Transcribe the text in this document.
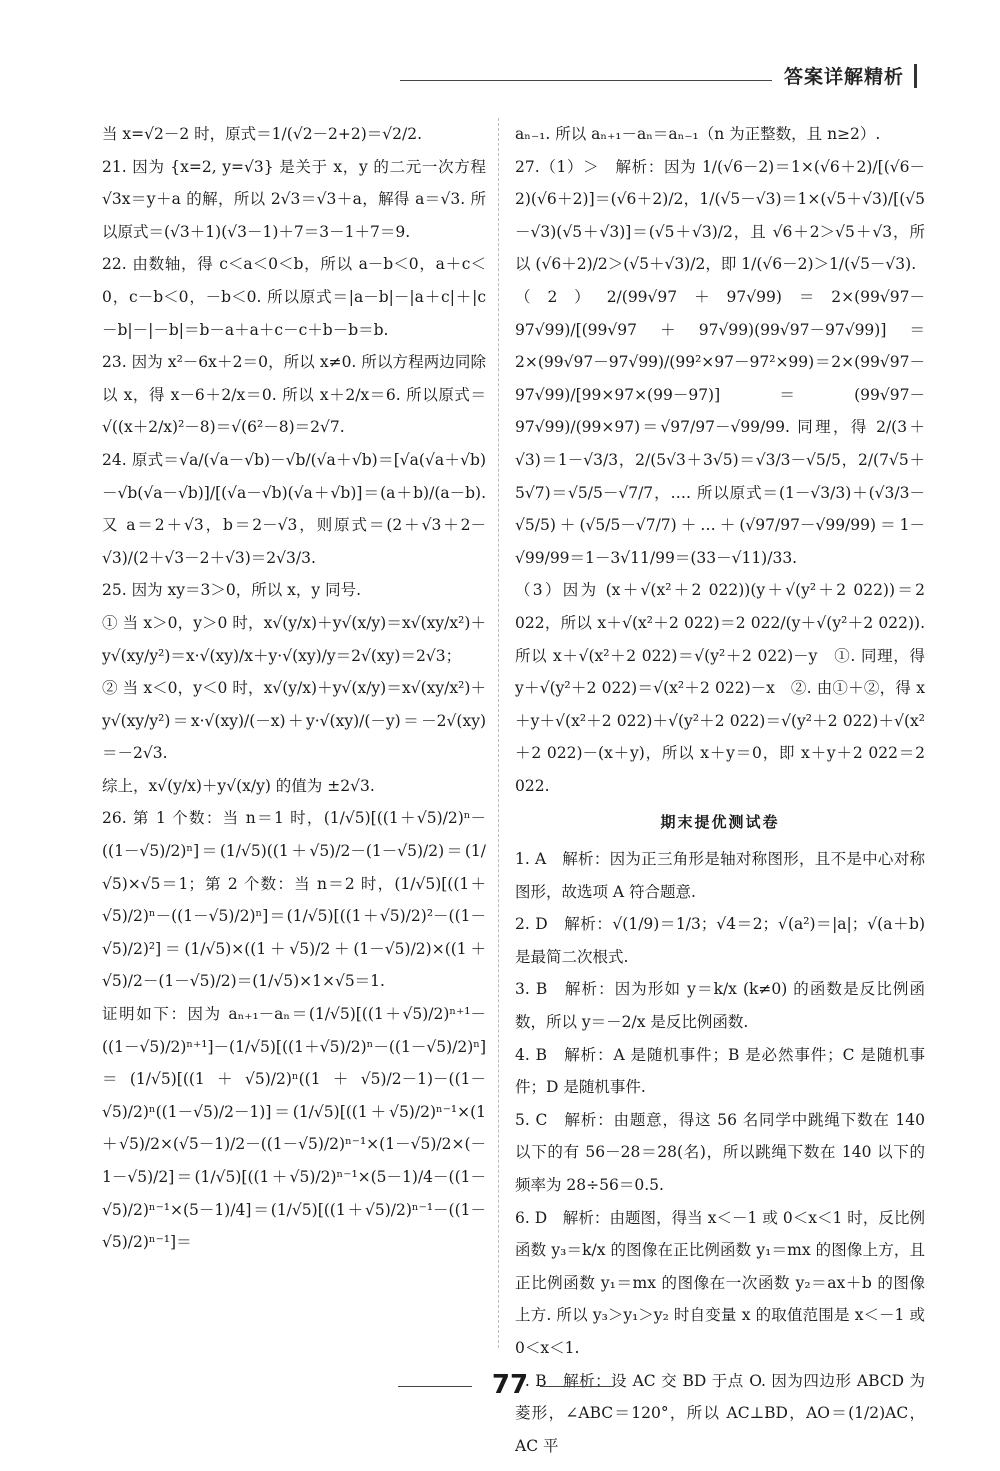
答案详解精析

当 x=√2－2 时，原式＝1/(√2－2+2)＝√2/2.

21. 因为 {x=2, y=√3} 是关于 x，y 的二元一次方程 √3x＝y＋a 的解，所以 2√3＝√3＋a，解得 a＝√3. 所以原式＝(√3＋1)(√3－1)＋7＝3－1＋7＝9.

22. 由数轴，得 c＜a＜0＜b，所以 a－b＜0，a＋c＜0，c－b＜0，－b＜0. 所以原式＝|a－b|－|a＋c|＋|c－b|－|－b|＝b－a＋a＋c－c＋b－b＝b.

23. 因为 x²－6x＋2＝0，所以 x≠0. 所以方程两边同除以 x，得 x－6＋2/x＝0. 所以 x＋2/x＝6. 所以原式＝√((x＋2/x)²－8)＝√(6²－8)＝2√7.

24. 原式＝√a/(√a－√b)－√b/(√a＋√b)＝[√a(√a＋√b)－√b(√a－√b)]/[(√a－√b)(√a＋√b)]＝(a＋b)/(a－b). 又 a＝2＋√3，b＝2－√3，则原式＝(2＋√3＋2－√3)/(2＋√3－2＋√3)＝2√3/3.

25. 因为 xy＝3＞0，所以 x，y 同号.

① 当 x＞0，y＞0 时，x√(y/x)＋y√(x/y)＝x√(xy/x²)＋y√(xy/y²)＝x·√(xy)/x＋y·√(xy)/y＝2√(xy)＝2√3；

② 当 x＜0，y＜0 时，x√(y/x)＋y√(x/y)＝x√(xy/x²)＋y√(xy/y²)＝x·√(xy)/(－x)＋y·√(xy)/(－y)＝－2√(xy)＝－2√3.

综上，x√(y/x)＋y√(x/y) 的值为 ±2√3.

26. 第 1 个数：当 n＝1 时，(1/√5)[((1＋√5)/2)ⁿ－((1－√5)/2)ⁿ]＝(1/√5)((1＋√5)/2－(1－√5)/2)＝(1/√5)×√5＝1；第 2 个数：当 n＝2 时，(1/√5)[((1＋√5)/2)ⁿ－((1－√5)/2)ⁿ]＝(1/√5)[((1＋√5)/2)²－((1－√5)/2)²]＝(1/√5)×((1＋√5)/2＋(1－√5)/2)×((1＋√5)/2－(1－√5)/2)＝(1/√5)×1×√5＝1.

证明如下：因为 aₙ₊₁－aₙ＝(1/√5)[((1＋√5)/2)ⁿ⁺¹－((1－√5)/2)ⁿ⁺¹]－(1/√5)[((1＋√5)/2)ⁿ－((1－√5)/2)ⁿ]＝(1/√5)[((1＋√5)/2)ⁿ((1＋√5)/2－1)－((1－√5)/2)ⁿ((1－√5)/2－1)]＝(1/√5)[((1＋√5)/2)ⁿ⁻¹×(1＋√5)/2×(√5－1)/2－((1－√5)/2)ⁿ⁻¹×(1－√5)/2×(－1－√5)/2]＝(1/√5)[((1＋√5)/2)ⁿ⁻¹×(5－1)/4－((1－√5)/2)ⁿ⁻¹×(5－1)/4]＝(1/√5)[((1＋√5)/2)ⁿ⁻¹－((1－√5)/2)ⁿ⁻¹]＝

aₙ₋₁. 所以 aₙ₊₁－aₙ＝aₙ₋₁（n 为正整数，且 n≥2）.

27.（1）＞　解析：因为 1/(√6－2)＝1×(√6＋2)/[(√6－2)(√6＋2)]＝(√6＋2)/2，1/(√5－√3)＝1×(√5＋√3)/[(√5－√3)(√5＋√3)]＝(√5＋√3)/2，且 √6＋2＞√5＋√3，所以 (√6＋2)/2＞(√5＋√3)/2，即 1/(√6－2)＞1/(√5－√3).

（2）2/(99√97＋97√99)＝2×(99√97－97√99)/[(99√97＋97√99)(99√97－97√99)]＝2×(99√97－97√99)/(99²×97－97²×99)＝2×(99√97－97√99)/[99×97×(99－97)]＝(99√97－97√99)/(99×97)＝√97/97－√99/99. 同理，得 2/(3＋√3)＝1－√3/3，2/(5√3＋3√5)＝√3/3－√5/5，2/(7√5＋5√7)＝√5/5－√7/7，…. 所以原式＝(1－√3/3)＋(√3/3－√5/5)＋(√5/5－√7/7)＋…＋(√97/97－√99/99)＝1－√99/99＝1－3√11/99＝(33－√11)/33.

（3）因为 (x＋√(x²＋2 022))(y＋√(y²＋2 022))＝2 022，所以 x＋√(x²＋2 022)＝2 022/(y＋√(y²＋2 022)). 所以 x＋√(x²＋2 022)＝√(y²＋2 022)－y　①. 同理，得 y＋√(y²＋2 022)＝√(x²＋2 022)－x　②. 由①＋②，得 x＋y＋√(x²＋2 022)＋√(y²＋2 022)＝√(y²＋2 022)＋√(x²＋2 022)－(x＋y)，所以 x＋y＝0，即 x＋y＋2 022＝2 022.

期末提优测试卷

1. A　解析：因为正三角形是轴对称图形，且不是中心对称图形，故选项 A 符合题意.

2. D　解析：√(1/9)＝1/3；√4＝2；√(a²)＝|a|；√(a＋b) 是最简二次根式.

3. B　解析：因为形如 y＝k/x (k≠0) 的函数是反比例函数，所以 y＝－2/x 是反比例函数.

4. B　解析：A 是随机事件；B 是必然事件；C 是随机事件；D 是随机事件.

5. C　解析：由题意，得这 56 名同学中跳绳下数在 140 以下的有 56－28＝28(名)，所以跳绳下数在 140 以下的频率为 28÷56＝0.5.

6. D　解析：由题图，得当 x＜－1 或 0＜x＜1 时，反比例函数 y₃＝k/x 的图像在正比例函数 y₁＝mx 的图像上方，且正比例函数 y₁＝mx 的图像在一次函数 y₂＝ax＋b 的图像上方. 所以 y₃＞y₁＞y₂ 时自变量 x 的取值范围是 x＜－1 或 0＜x＜1.

7. B　解析：设 AC 交 BD 于点 O. 因为四边形 ABCD 为菱形，∠ABC＝120°，所以 AC⊥BD，AO＝(1/2)AC，AC 平

77
